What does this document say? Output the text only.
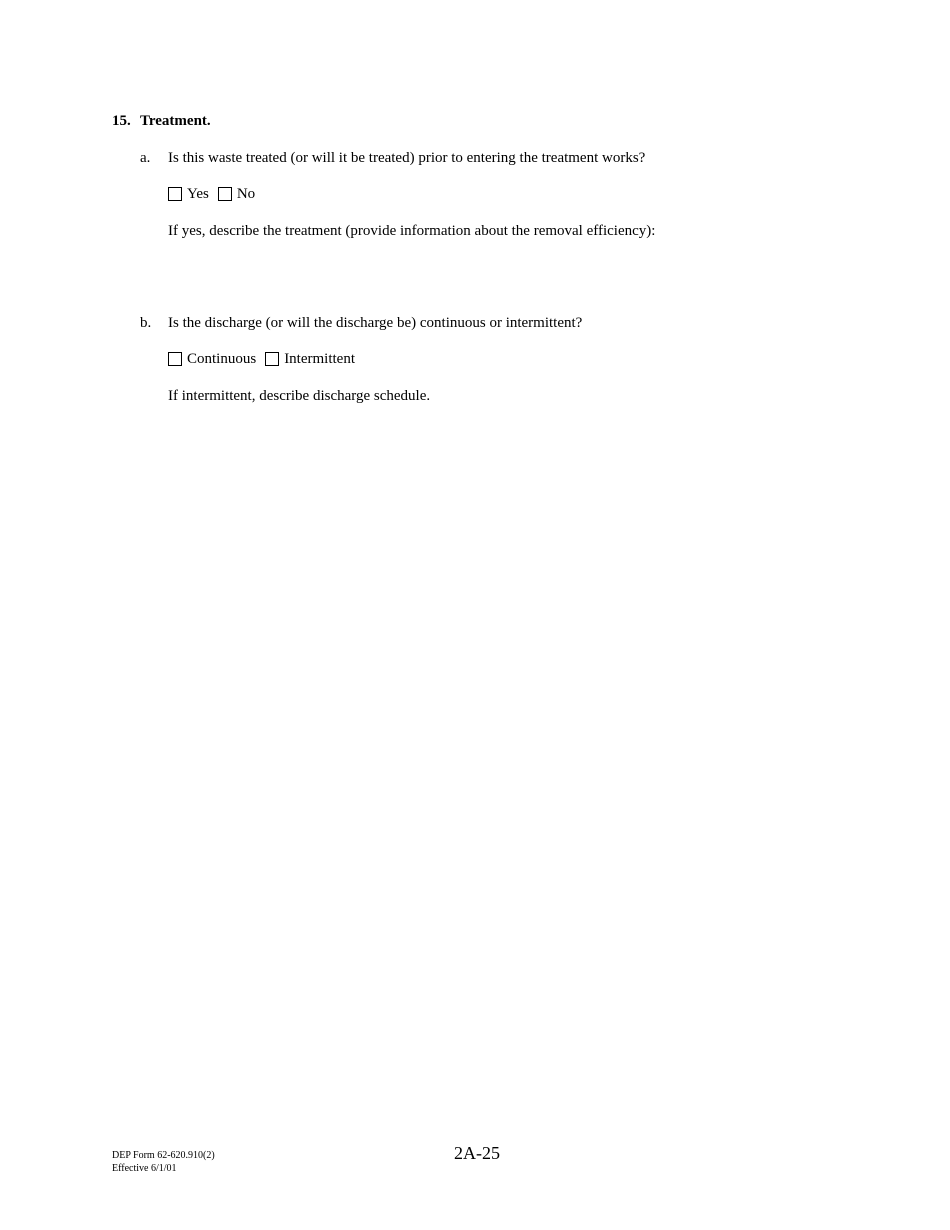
15. Treatment.
a. Is this waste treated (or will it be treated) prior to entering the treatment works?
Yes No
If yes, describe the treatment (provide information about the removal efficiency):
b. Is the discharge (or will the discharge be) continuous or intermittent?
Continuous Intermittent
If intermittent, describe discharge schedule.
DEP Form 62-620.910(2)
Effective 6/1/01
2A-25
